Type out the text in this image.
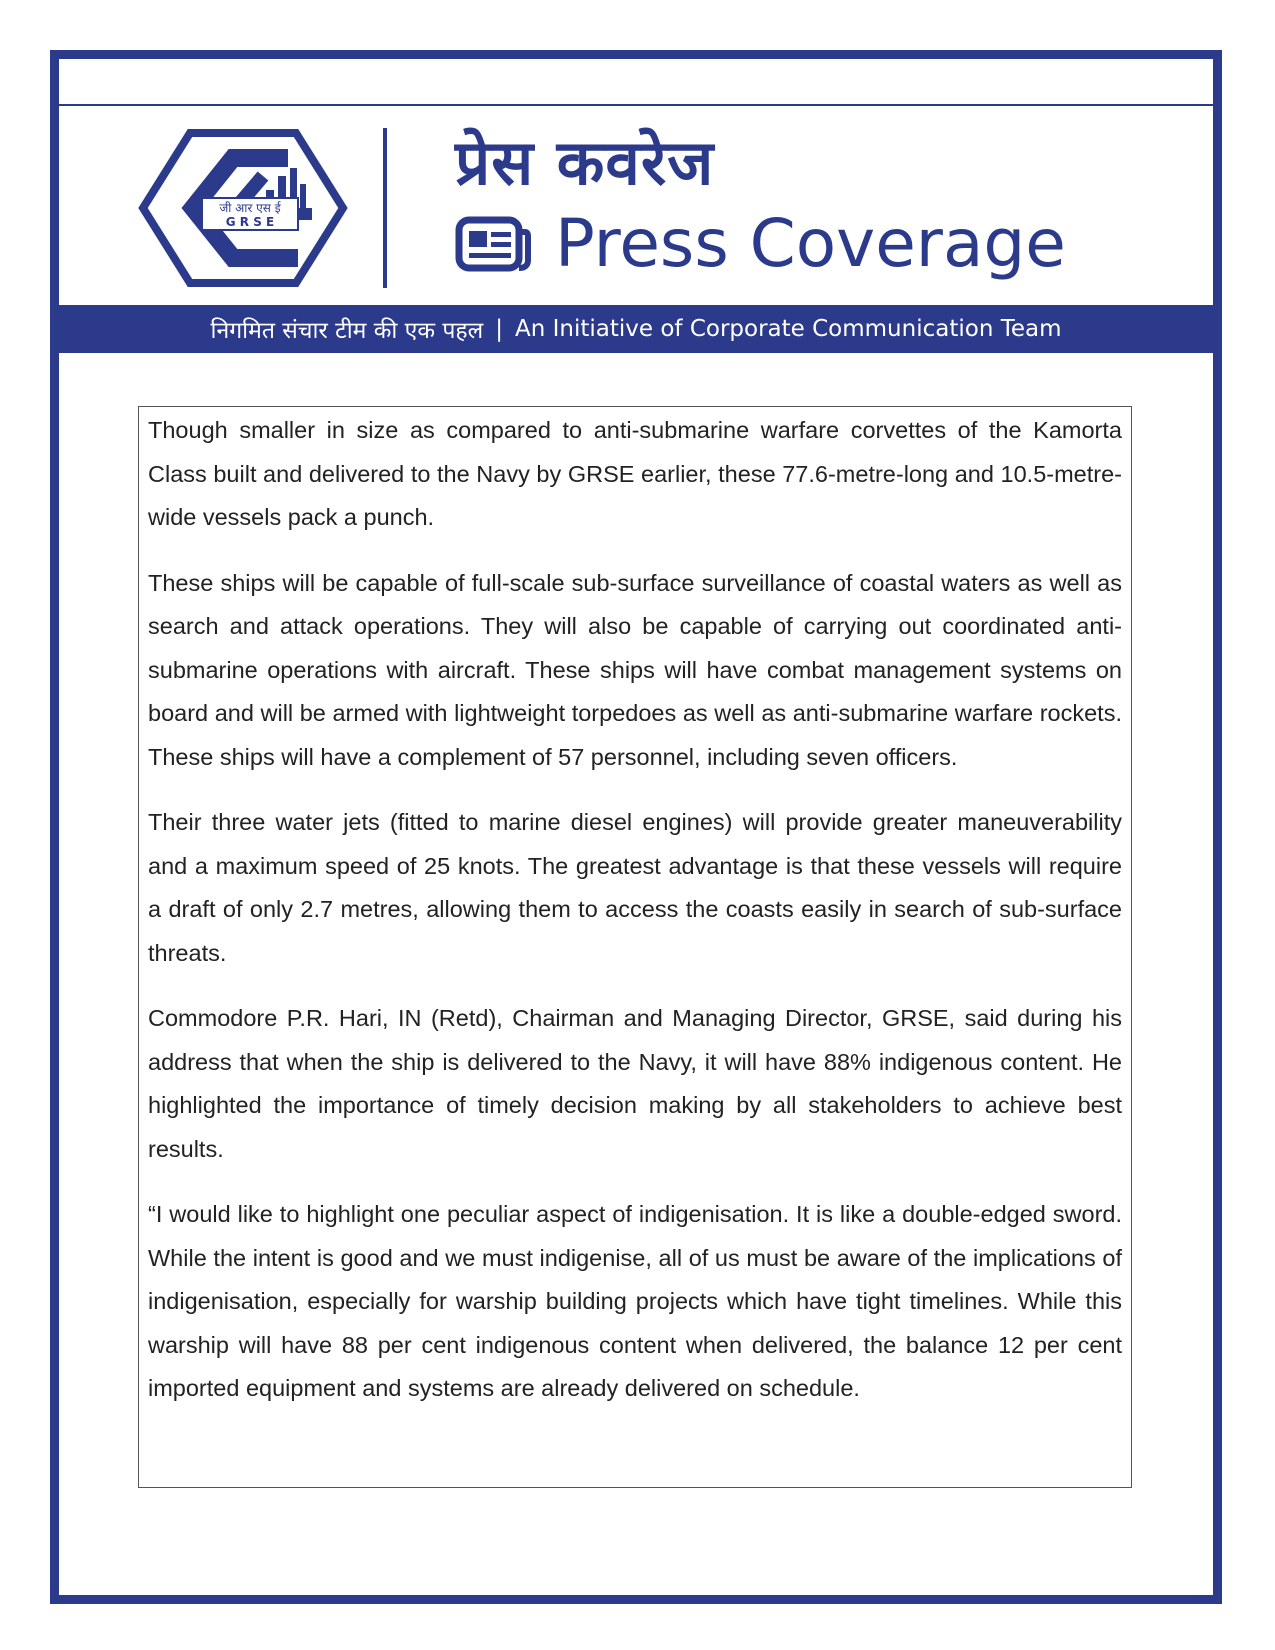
जी आर एस ई
G R S E
प्रेस कवरेज
Press Coverage
निगमित संचार टीम की एक पहल | An Initiative of Corporate Communication Team

Though smaller in size as compared to anti-submarine warfare corvettes of the Kamorta Class built and delivered to the Navy by GRSE earlier, these 77.6-metre-long and 10.5-metre-wide vessels pack a punch.

These ships will be capable of full-scale sub-surface surveillance of coastal waters as well as search and attack operations. They will also be capable of carrying out coordinated anti-submarine operations with aircraft. These ships will have combat management systems on board and will be armed with lightweight torpedoes as well as anti-submarine warfare rockets. These ships will have a complement of 57 personnel, including seven officers.

Their three water jets (fitted to marine diesel engines) will provide greater maneuverability and a maximum speed of 25 knots. The greatest advantage is that these vessels will require a draft of only 2.7 metres, allowing them to access the coasts easily in search of sub-surface threats.

Commodore P.R. Hari, IN (Retd), Chairman and Managing Director, GRSE, said during his address that when the ship is delivered to the Navy, it will have 88% indigenous content. He highlighted the importance of timely decision making by all stakeholders to achieve best results.

“I would like to highlight one peculiar aspect of indigenisation. It is like a double-edged sword. While the intent is good and we must indigenise, all of us must be aware of the implications of indigenisation, especially for warship building projects which have tight timelines. While this warship will have 88 per cent indigenous content when delivered, the balance 12 per cent imported equipment and systems are already delivered on schedule.
